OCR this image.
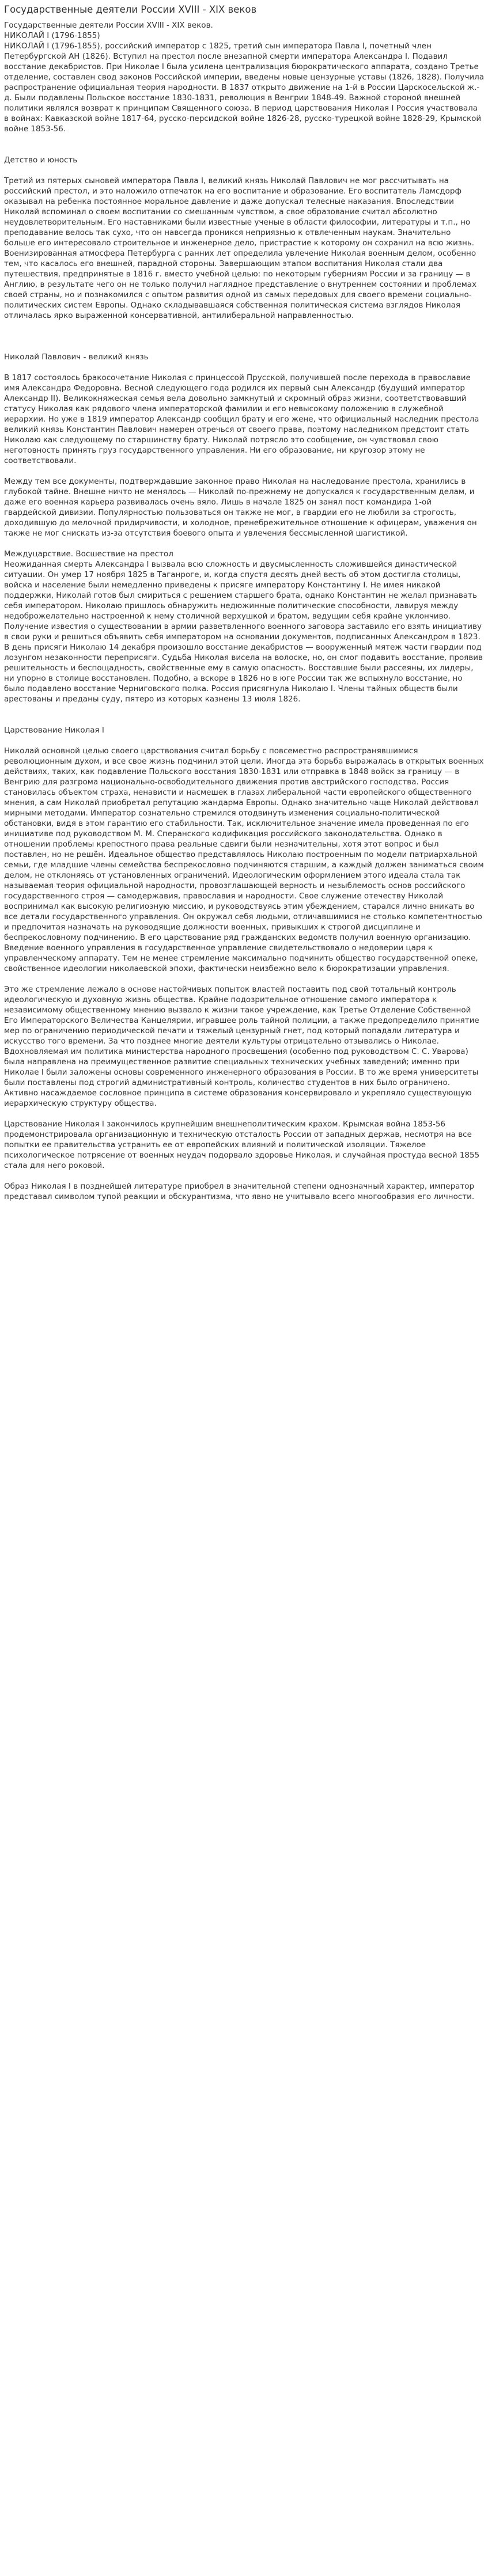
Государственные деятели России XVIII - XIX веков

Государственные деятели России XVIII - XIX веков.

НИКОЛАЙ I (1796-1855)

НИКОЛАЙ I (1796-1855), российский император с 1825, третий сын императора Павла I, почетный член Петербургской АН (1826). Вступил на престол после внезапной смерти императора Александра I. Подавил восстание декабристов. При Николае I была усилена централизация бюрократического аппарата, создано Третье отделение, составлен свод законов Российской империи, введены новые цензурные уставы (1826, 1828). Получила распространение официальная теория народности. В 1837 открыто движение на 1-й в России Царскосельской ж.-д. Были подавлены Польское восстание 1830-1831, революция в Венгрии 1848-49. Важной стороной внешней политики являлся возврат к принципам Священного союза. В период царствования Николая I Россия участвовала в войнах: Кавказской войне 1817-64, русско-персидской войне 1826-28, русско-турецкой войне 1828-29, Крымской войне 1853-56.

Детство и юность

Третий из пятерых сыновей императора Павла I, великий князь Николай Павлович не мог рассчитывать на российский престол, и это наложило отпечаток на его воспитание и образование. Его воспитатель Ламсдорф оказывал на ребенка постоянное моральное давление и даже допускал телесные наказания. Впоследствии Николай вспоминал о своем воспитании со смешанным чувством, а свое образование считал абсолютно неудовлетворительным. Его наставниками были известные ученые в области философии, литературы и т.п., но преподавание велось так сухо, что он навсегда проникся неприязнью к отвлеченным наукам. Значительно больше его интересовало строительное и инженерное дело, пристрастие к которому он сохранил на всю жизнь. Военизированная атмосфера Петербурга с ранних лет определила увлечение Николая военным делом, особенно тем, что касалось его внешней, парадной стороны. Завершающим этапом воспитания Николая стали два путешествия, предпринятые в 1816 г. вместо учебной целью: по некоторым губерниям России и за границу — в Англию, в результате чего он не только получил наглядное представление о внутреннем состоянии и проблемах своей страны, но и познакомился с опытом развития одной из самых передовых для своего времени социально-политических систем Европы. Однако складывавшаяся собственная политическая система взглядов Николая отличалась ярко выраженной консервативной, антилиберальной направленностью.

Николай Павлович - великий князь

В 1817 состоялось бракосочетание Николая с принцессой Прусской, получившей после перехода в православие имя Александра Федоровна. Весной следующего года родился их первый сын Александр (будущий император Александр II). Великокняжеская семья вела довольно замкнутый и скромный образ жизни, соответствовавший статусу Николая как рядового члена императорской фамилии и его невысокому положению в служебной иерархии. Но уже в 1819 император Александр сообщил брату и его жене, что официальный наследник престола великий князь Константин Павлович намерен отречься от своего права, поэтому наследником предстоит стать Николаю как следующему по старшинству брату. Николай потрясло это сообщение, он чувствовал свою неготовность принять груз государственного управления. Ни его образование, ни кругозор этому не соответствовали.

Между тем все документы, подтверждавшие законное право Николая на наследование престола, хранились в глубокой тайне. Внешне ничто не менялось — Николай по-прежнему не допускался к государственным делам, и даже его военная карьера развивалась очень вяло. Лишь в начале 1825 он занял пост командира 1-ой гвардейской дивизии. Популярностью пользоваться он также не мог, в гвардии его не любили за строгость, доходившую до мелочной придирчивости, и холодное, пренебрежительное отношение к офицерам, уважения он также не мог снискать из-за отсутствия боевого опыта и увлечения бессмысленной шагистикой.

Междуцарствие. Восшествие на престол

Неожиданная смерть Александра I вызвала всю сложность и двусмысленность сложившейся династической ситуации. Он умер 17 ноября 1825 в Таганроге, и, когда спустя десять дней весть об этом достигла столицы, войска и население были немедленно приведены к присяге императору Константину I. Не имея никакой поддержки, Николай готов был смириться с решением старшего брата, однако Константин не желал признавать себя императором. Николаю пришлось обнаружить недюжинные политические способности, лавируя между недоброжелательно настроенной к нему столичной верхушкой и братом, ведущим себя крайне уклончиво. Получение известия о существовании в армии разветвленного военного заговора заставило его взять инициативу в свои руки и решиться объявить себя императором на основании документов, подписанных Александром в 1823. В день присяги Николаю 14 декабря произошло восстание декабристов — вооруженный мятеж части гвардии под лозунгом незаконности переприсяги. Судьба Николая висела на волоске, но, он смог подавить восстание, проявив решительность и беспощадность, свойственные ему в самую опасность. Восставшие были рассеяны, их лидеры, ни упорно в столице восстановлен. Подобно, а вскоре в 1826 но в юге России так же вспыхнуло восстание, но было подавлено восстание Черниговского полка. Россия присягнула Николаю I. Члены тайных обществ были арестованы и преданы суду, пятеро из которых казнены 13 июля 1826.

Царствование Николая I

Николай основной целью своего царствования считал борьбу с повсеместно распространявшимися революционным духом, и все свое жизнь подчинил этой цели. Иногда эта борьба выражалась в открытых военных действиях, таких, как подавление Польского восстания 1830-1831 или отправка в 1848 войск за границу — в Венгрию для разгрома национально-освободительного движения против австрийского господства. Россия становилась объектом страха, ненависти и насмешек в глазах либеральной части европейского общественного мнения, а сам Николай приобретал репутацию жандарма Европы. Однако значительно чаще Николай действовал мирными методами. Император сознательно стремился отодвинуть изменения социально-политической обстановки, видя в этом гарантию его стабильности. Так, исключительное значение имела проведенная по его инициативе под руководством М. М. Сперанского кодификация российского законодательства. Однако в отношении проблемы крепостного права реальные сдвиги были незначительны, хотя этот вопрос и был поставлен, но не решён. Идеальное общество представлялось Николаю построенным по модели патриархальной семьи, где младшие члены семейства беспрекословно подчиняются старшим, а каждый должен заниматься своим делом, не отклоняясь от установленных ограничений. Идеологическим оформлением этого идеала стала так называемая теория официальной народности, провозглашающей верность и незыблемость основ российского государственного строя — самодержавия, православия и народности. Свое служение отечеству Николай воспринимал как высокую религиозную миссию, и руководствуясь этим убеждением, старался лично вникать во все детали государственного управления. Он окружал себя людьми, отличавшимися не столько компетентностью и предпочитая назначать на руководящие должности военных, привыкших к строгой дисциплине и беспрекословному подчинению. В его царствование ряд гражданских ведомств получил военную организацию. Введение военного управления в государственное управление свидетельствовало о недоверии царя к управленческому аппарату. Тем не менее стремление максимально подчинить общество государственной опеке, свойственное идеологии николаевской эпохи, фактически неизбежно вело к бюрократизации управления.

Это же стремление лежало в основе настойчивых попыток властей поставить под свой тотальный контроль идеологическую и духовную жизнь общества. Крайне подозрительное отношение самого императора к независимому общественному мнению вызвало к жизни такое учреждение, как Третье Отделение Собственной Его Императорского Величества Канцелярии, игравшее роль тайной полиции, а также предопределило принятие мер по ограничению периодической печати и тяжелый цензурный гнет, под который попадали литература и искусство того времени. За что позднее многие деятели культуры отрицательно отзывались о Николае. Вдохновляемая им политика министерства народного просвещения (особенно под руководством С. С. Уварова) была направлена на преимущественное развитие специальных технических учебных заведений; именно при Николае I были заложены основы современного инженерного образования в России. В то же время университеты были поставлены под строгий административный контроль, количество студентов в них было ограничено. Активно насаждаемое сословное принципа в системе образования консервировало и укрепляло существующую иерархическую структуру общества.

Царствование Николая I закончилось крупнейшим внешнеполитическим крахом. Крымская война 1853-56 продемонстрировала организационную и техническую отсталость России от западных держав, несмотря на все попытки ее правительства устранить ее от европейских влияний и политической изоляции. Тяжелое психологическое потрясение от военных неудач подорвало здоровье Николая, и случайная простуда весной 1855 стала для него роковой.

Образ Николая I в позднейшей литературе приобрел в значительной степени однозначный характер, император представал символом тупой реакции и обскурантизма, что явно не учитывало всего многообразия его личности.
